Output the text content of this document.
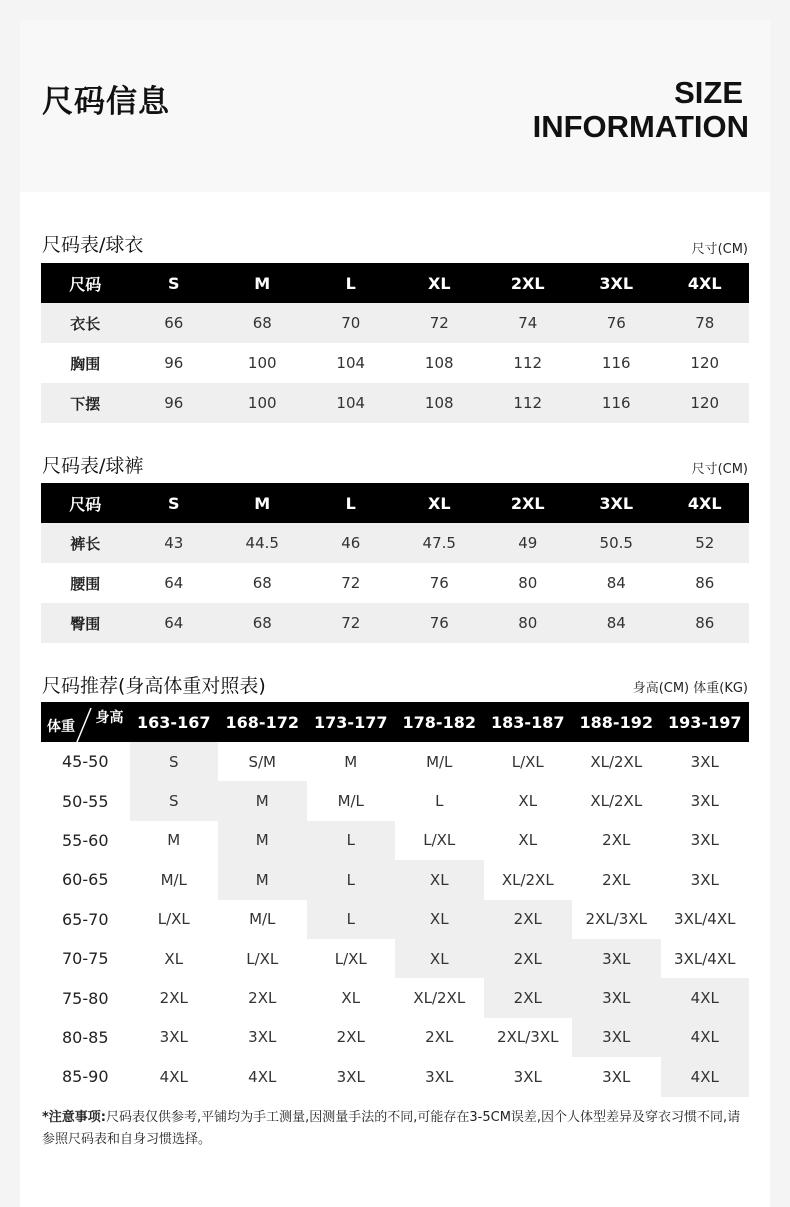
尺码信息	SIZE
INFORMATION
尺码表/球衣	尺寸(CM)
尺码	S	M	L	XL	2XL	3XL	4XL
衣长	66	68	70	72	74	76	78
胸围	96	100	104	108	112	116	120
下摆	96	100	104	108	112	116	120
尺码表/球裤	尺寸(CM)
尺码	S	M	L	XL	2XL	3XL	4XL
裤长	43	44.5	46	47.5	49	50.5	52
腰围	64	68	72	76	80	84	86
臀围	64	68	72	76	80	84	86
尺码推荐(身高体重对照表)	身高(CM) 体重(KG)
体重
身高	163-167	168-172	173-177	178-182	183-187	188-192	193-197
45-50	S	S/M	M	M/L	L/XL	XL/2XL	3XL
50-55	S	M	M/L	L	XL	XL/2XL	3XL
55-60	M	M	L	L/XL	XL	2XL	3XL
60-65	M/L	M	L	XL	XL/2XL	2XL	3XL
65-70	L/XL	M/L	L	XL	2XL	2XL/3XL	3XL/4XL
70-75	XL	L/XL	L/XL	XL	2XL	3XL	3XL/4XL
75-80	2XL	2XL	XL	XL/2XL	2XL	3XL	4XL
80-85	3XL	3XL	2XL	2XL	2XL/3XL	3XL	4XL
85-90	4XL	4XL	3XL	3XL	3XL	3XL	4XL
*注意事项:尺码表仅供参考,平铺均为手工测量,因测量手法的不同,可能存在3-5CM误差,因个人体型差异及穿衣习惯不同,请参照尺码表和自身习惯选择。
